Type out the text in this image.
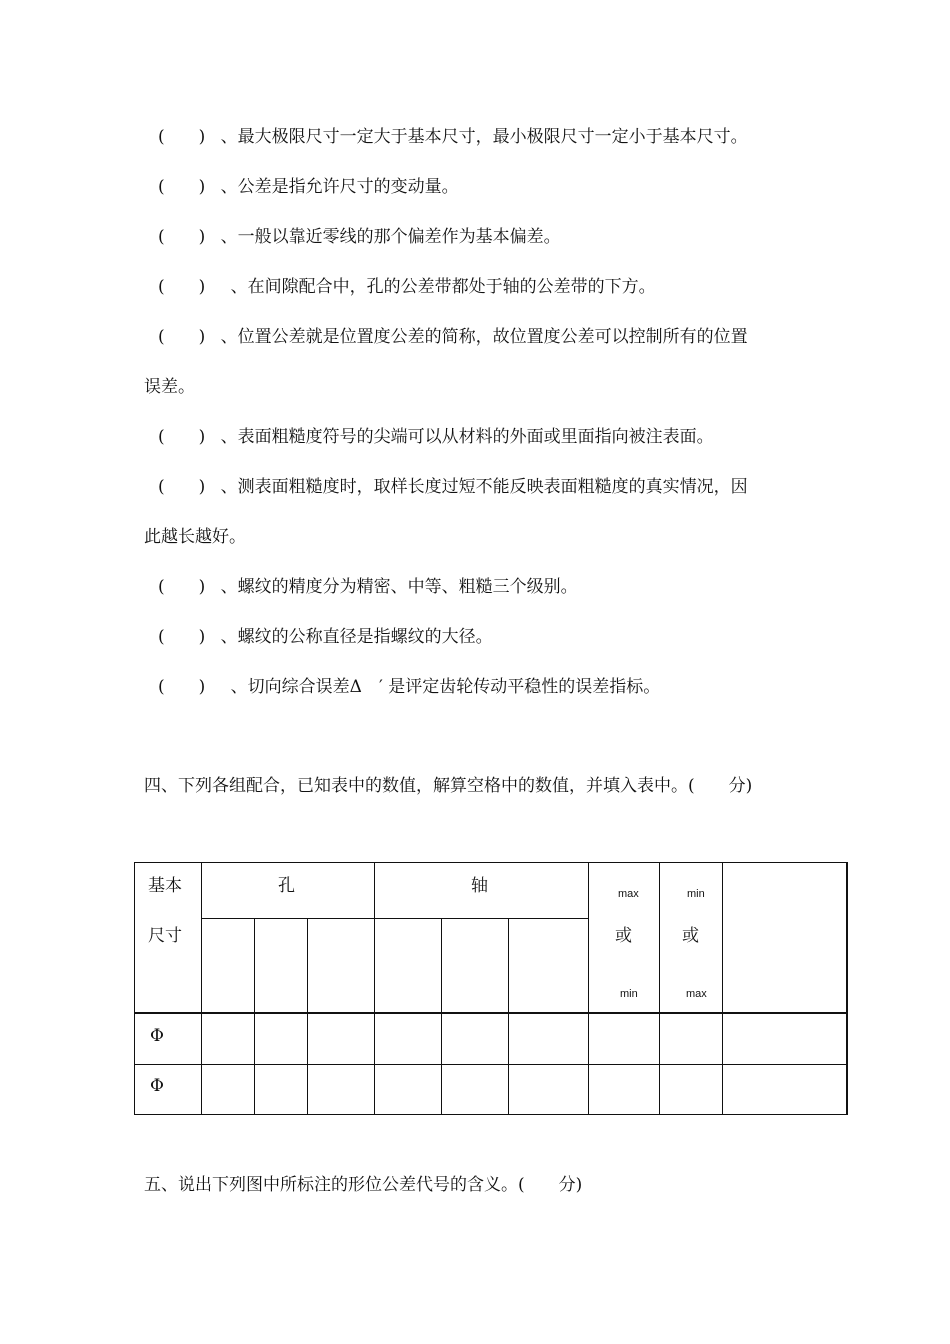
(　　) 、最大极限尺寸一定大于基本尺寸，最小极限尺寸一定小于基本尺寸。
(　　) 、公差是指允许尺寸的变动量。
(　　) 、一般以靠近零线的那个偏差作为基本偏差。
(　　) 、在间隙配合中，孔的公差带都处于轴的公差带的下方。
(　　) 、位置公差就是位置度公差的简称，故位置度公差可以控制所有的位置
误差。
(　　) 、表面粗糙度符号的尖端可以从材料的外面或里面指向被注表面。
(　　) 、测表面粗糙度时，取样长度过短不能反映表面粗糙度的真实情况，因
此越长越好。
(　　) 、螺纹的精度分为精密、中等、粗糙三个级别。
(　　) 、螺纹的公称直径是指螺纹的大径。
(　　) 、切向综合误差Δ　′ 是评定齿轮传动平稳性的误差指标。
四、下列各组配合，已知表中的数值，解算空格中的数值，并填入表中。(　　分)
基本
尺寸
孔	轴	max
或
min
min
或
max
Φ
Φ
五、说出下列图中所标注的形位公差代号的含义。(　　分)
